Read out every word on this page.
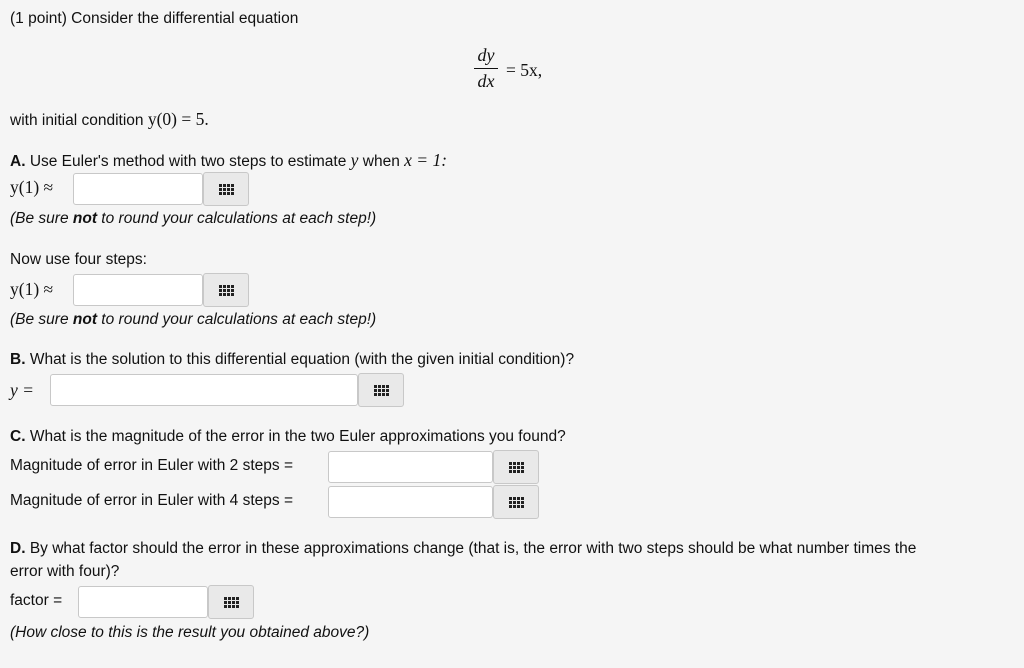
(1 point) Consider the differential equation
dy
dx
= 5x,
with initial condition y(0) = 5.
A. Use Euler's method with two steps to estimate y when x = 1:
y(1) ≈
(Be sure not to round your calculations at each step!)
Now use four steps:
y(1) ≈
(Be sure not to round your calculations at each step!)
B. What is the solution to this differential equation (with the given initial condition)?
y =
C. What is the magnitude of the error in the two Euler approximations you found?
Magnitude of error in Euler with 2 steps =
Magnitude of error in Euler with 4 steps =
D. By what factor should the error in these approximations change (that is, the error with two steps should be what number times the
error with four)?
factor =
(How close to this is the result you obtained above?)
